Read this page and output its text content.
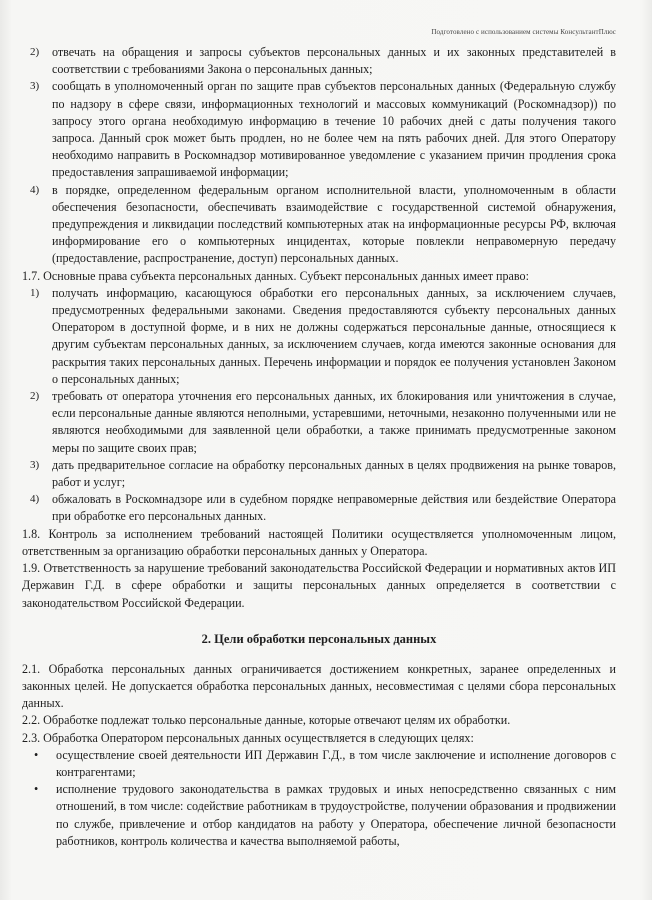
Подготовлено с использованием системы КонсультантПлюс
2) отвечать на обращения и запросы субъектов персональных данных и их законных представителей в соответствии с требованиями Закона о персональных данных;
3) сообщать в уполномоченный орган по защите прав субъектов персональных данных (Федеральную службу по надзору в сфере связи, информационных технологий и массовых коммуникаций (Роскомнадзор)) по запросу этого органа необходимую информацию в течение 10 рабочих дней с даты получения такого запроса. Данный срок может быть продлен, но не более чем на пять рабочих дней. Для этого Оператору необходимо направить в Роскомнадзор мотивированное уведомление с указанием причин продления срока предоставления запрашиваемой информации;
4) в порядке, определенном федеральным органом исполнительной власти, уполномоченным в области обеспечения безопасности, обеспечивать взаимодействие с государственной системой обнаружения, предупреждения и ликвидации последствий компьютерных атак на информационные ресурсы РФ, включая информирование его о компьютерных инцидентах, которые повлекли неправомерную передачу (предоставление, распространение, доступ) персональных данных.

1.7. Основные права субъекта персональных данных. Субъект персональных данных имеет право:

1) получать информацию, касающуюся обработки его персональных данных, за исключением случаев, предусмотренных федеральными законами. Сведения предоставляются субъекту персональных данных Оператором в доступной форме, и в них не должны содержаться персональные данные, относящиеся к другим субъектам персональных данных, за исключением случаев, когда имеются законные основания для раскрытия таких персональных данных. Перечень информации и порядок ее получения установлен Законом о персональных данных;
2) требовать от оператора уточнения его персональных данных, их блокирования или уничтожения в случае, если персональные данные являются неполными, устаревшими, неточными, незаконно полученными или не являются необходимыми для заявленной цели обработки, а также принимать предусмотренные законом меры по защите своих прав;
3) дать предварительное согласие на обработку персональных данных в целях продвижения на рынке товаров, работ и услуг;
4) обжаловать в Роскомнадзоре или в судебном порядке неправомерные действия или бездействие Оператора при обработке его персональных данных.

1.8. Контроль за исполнением требований настоящей Политики осуществляется уполномоченным лицом, ответственным за организацию обработки персональных данных у Оператора.

1.9. Ответственность за нарушение требований законодательства Российской Федерации и нормативных актов ИП Державин Г.Д. в сфере обработки и защиты персональных данных определяется в соответствии с законодательством Российской Федерации.

2. Цели обработки персональных данных

2.1. Обработка персональных данных ограничивается достижением конкретных, заранее определенных и законных целей. Не допускается обработка персональных данных, несовместимая с целями сбора персональных данных.

2.2. Обработке подлежат только персональные данные, которые отвечают целям их обработки.

2.3. Обработка Оператором персональных данных осуществляется в следующих целях:

• осуществление своей деятельности ИП Державин Г.Д., в том числе заключение и исполнение договоров с контрагентами;
• исполнение трудового законодательства в рамках трудовых и иных непосредственно связанных с ним отношений, в том числе: содействие работникам в трудоустройстве, получении образования и продвижении по службе, привлечение и отбор кандидатов на работу у Оператора, обеспечение личной безопасности работников, контроль количества и качества выполняемой работы,
